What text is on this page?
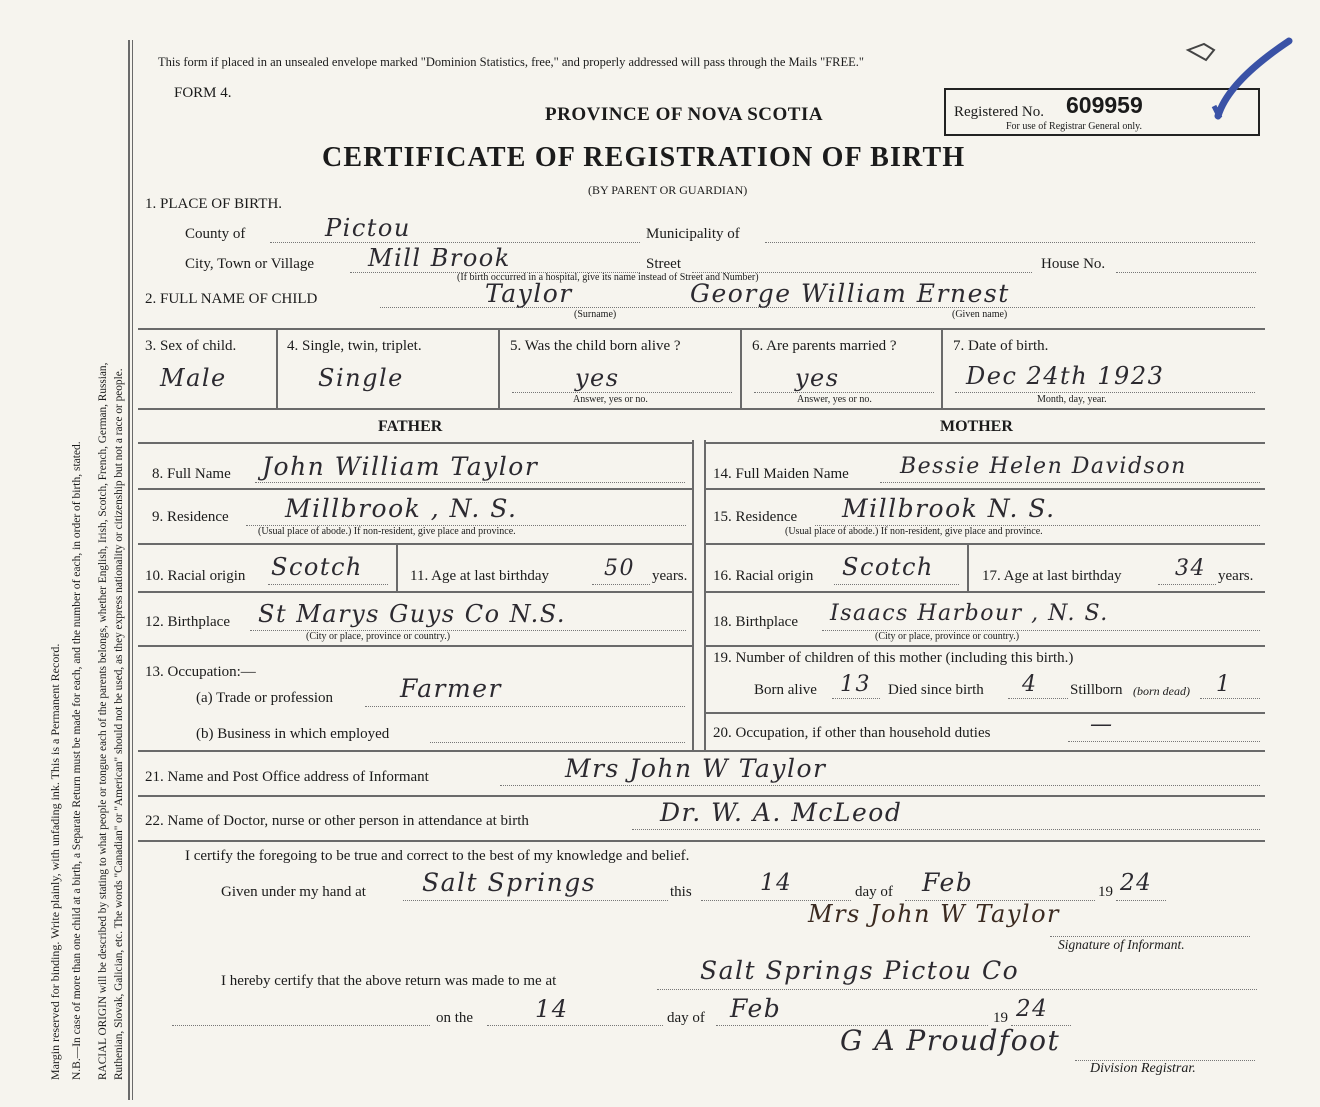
Margin reserved for binding. Write plainly, with unfading ink. This is a Permanent Record. N.B.—In case of more than one child at a birth, a Separate Return must be made for each, and the number of each, in order of birth, stated. RACIAL ORIGIN will be described by stating to what people or tongue each of the parents belongs, whether English, Irish, Scotch, French, German, Russian, Ruthenian, Slovak, Galician, etc. The words "Canadian" or "American" should not be used, as they express nationality or citizenship but not a race or people.
This form if placed in an unsealed envelope marked "Dominion Statistics, free," and properly addressed will pass through the Mails "FREE."
FORM 4.
PROVINCE OF NOVA SCOTIA
CERTIFICATE OF REGISTRATION OF BIRTH
(BY PARENT OR GUARDIAN)
Registered No. 609959
For use of Registrar General only.
1. PLACE OF BIRTH.
County of	Pictou	Municipality of
City, Town or Village Mill Brook	Street	House No.
(If birth occurred in a hospital, give its name instead of Street and Number)
2. FULL NAME OF CHILD	Taylor	George William Ernest
(Surname)	(Given name)
3. Sex of child.
Male
4. Single, twin, triplet.
Single
5. Was the child born alive ?
yes
Answer, yes or no.
6. Are parents married ?
yes
Answer, yes or no.
7. Date of birth.
Dec 24th 1923
Month, day, year.
FATHER	MOTHER
8. Full Name John William Taylor	14. Full Maiden Name Bessie Helen Davidson
9. Residence Millbrook , N. S.
(Usual place of abode.) If non-resident, give place and province.
15. Residence Millbrook N. S.
(Usual place of abode.) If non-resident, give place and province.
10. Racial origin Scotch	11. Age at last birthday	50 years. 16. Racial origin Scotch	17. Age at last birthday 34 years.
12. Birthplace St Marys Guys Co N.S.
(City or place, province or country.)
18. Birthplace Isaacs Harbour , N. S.
(City or place, province or country.)
13. Occupation:—
(a) Trade or profession	Farmer
(b) Business in which employed
19. Number of children of this mother (including this birth.)
Born alive 13 Died since birth 4 Stillborn (born dead) 1
20. Occupation, if other than household duties	—
21. Name and Post Office address of Informant	Mrs John W Taylor
22. Name of Doctor, nurse or other person in attendance at birth	Dr. W. A. McLeod
I certify the foregoing to be true and correct to the best of my knowledge and belief.
Given under my hand at Salt Springs	this	14	day of Feb	19 24
Mrs John W Taylor
Signature of Informant.
I hereby certify that the above return was made to me at	Salt Springs Pictou Co
on the	14	day of Feb	19 24
G A Proudfoot
Division Registrar.
